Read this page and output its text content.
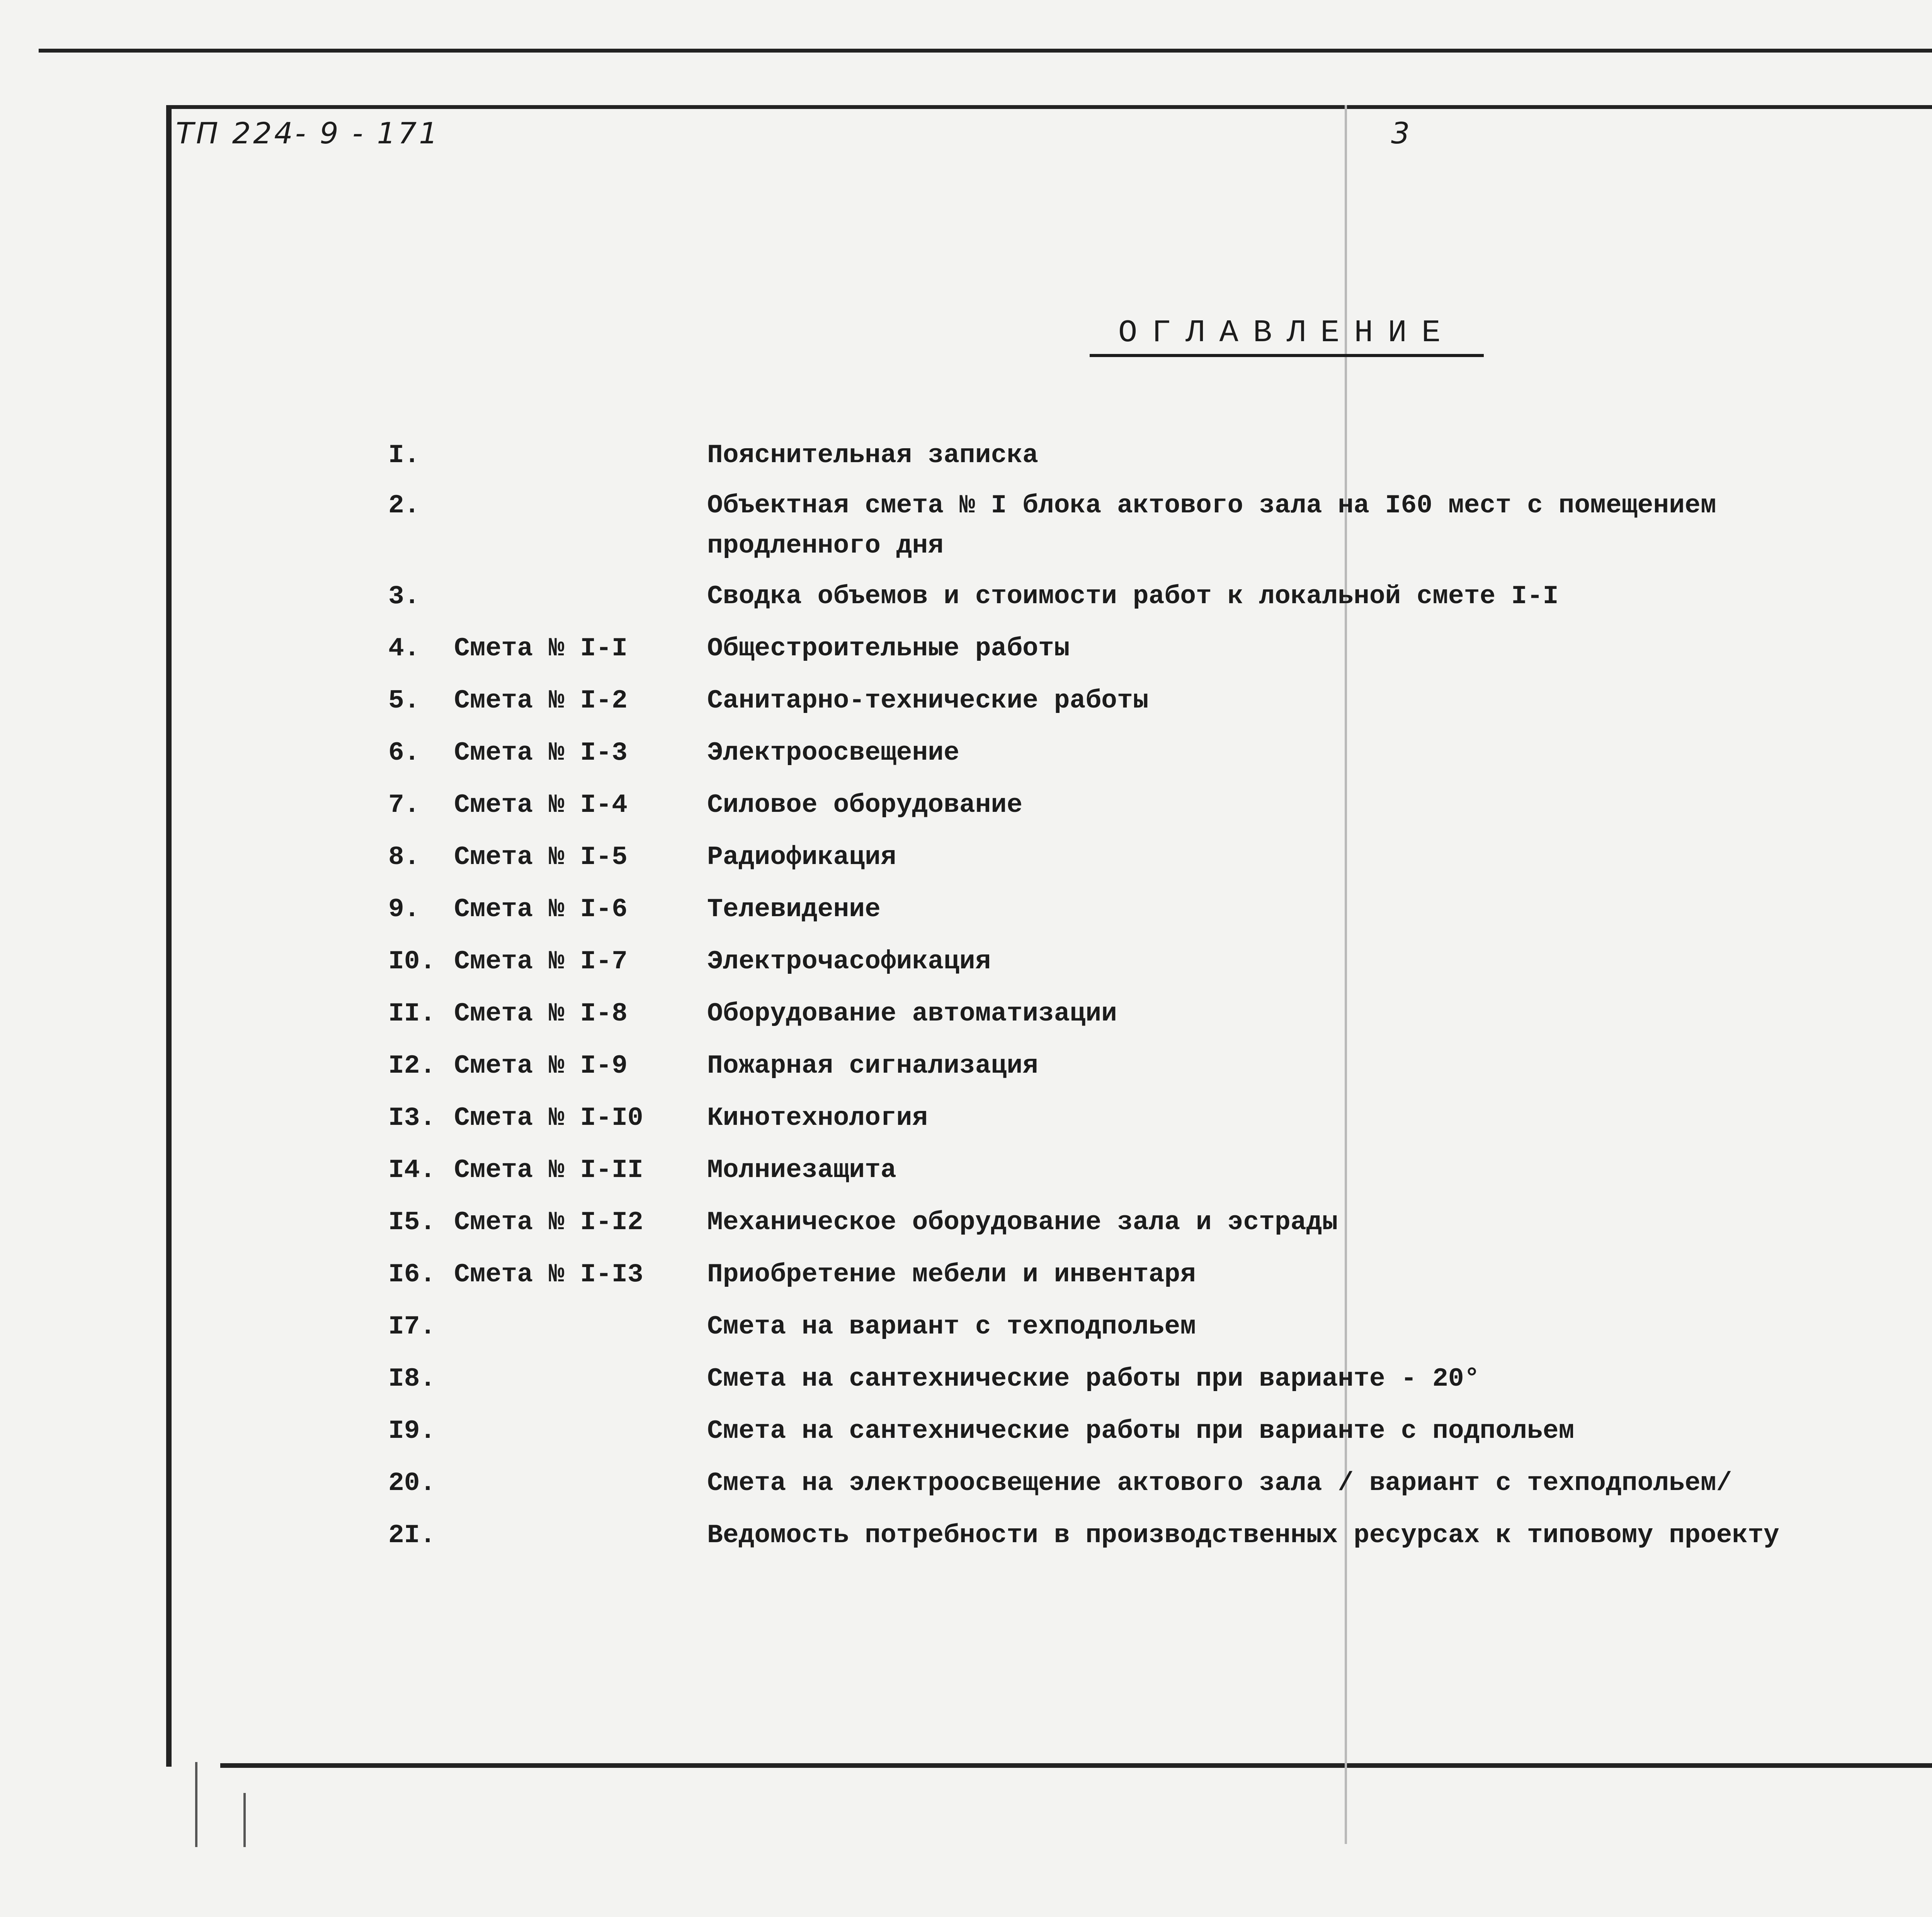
ТП 224- 9 - 171	3
ОГЛАВЛЕНИЕ
I.	Пояснительная записка
2.	Объектная смета № I блока актового зала на I60 мест с помещением
продленного дня
3.	Сводка объемов и стоимости работ к локальной смете I-I
4. Смета № I-I	Общестроительные работы
5. Смета № I-2	Санитарно-технические работы
6. Смета № I-3	Электроосвещение
7. Смета № I-4	Силовое оборудование
8. Смета № I-5	Радиофикация
9. Смета № I-6	Телевидение
I0. Смета № I-7	Электрочасофикация
II. Смета № I-8	Оборудование автоматизации
I2. Смета № I-9	Пожарная сигнализация
I3. Смета № I-I0 Кинотехнология
I4. Смета № I-II Молниезащита
I5. Смета № I-I2 Механическое оборудование зала и эстрады
I6. Смета № I-I3 Приобретение мебели и инвентаря
I7.	Смета на вариант с техподпольем
I8.	Смета на сантехнические работы при варианте - 20°
I9.	Смета на сантехнические работы при варианте с подпольем
20.	Смета на электроосвещение актового зала / вариант с техподпольем/
2I.	Ведомость потребности в производственных ресурсах к типовому проекту
